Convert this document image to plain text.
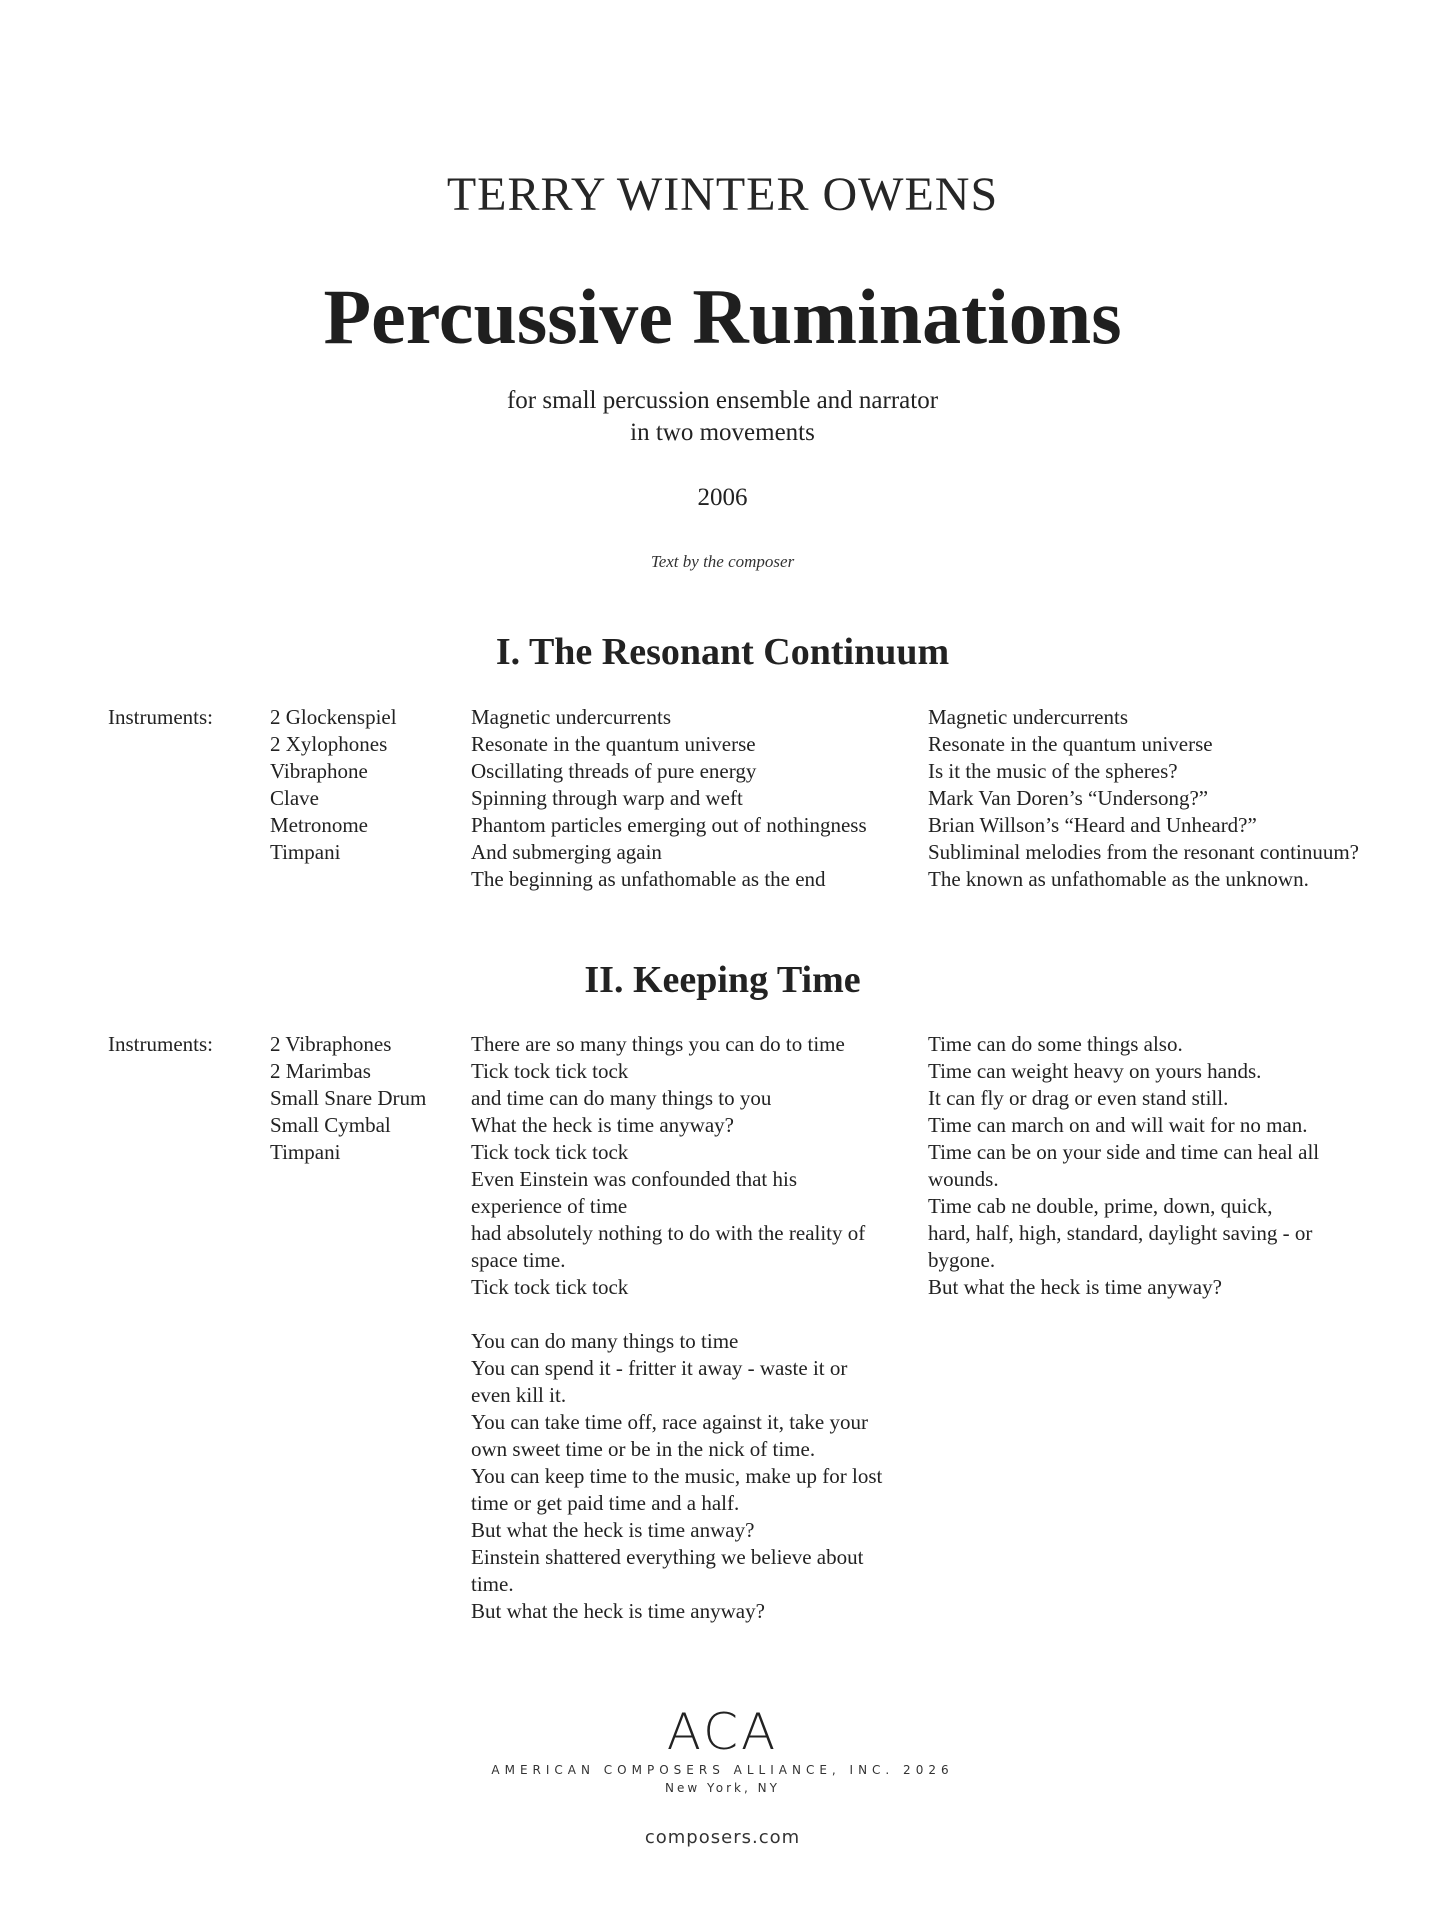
TERRY WINTER OWENS
Percussive Ruminations
for small percussion ensemble and narrator
in two movements
2006
Text by the composer
I. The Resonant Continuum
Instruments:	2 Glockenspiel
2 Xylophones
Vibraphone
Clave
Metronome
Timpani
Magnetic undercurrents
Resonate in the quantum universe
Oscillating threads of pure energy
Spinning through warp and weft
Phantom particles emerging out of nothingness
And submerging again
The beginning as unfathomable as the end
Magnetic undercurrents
Resonate in the quantum universe
Is it the music of the spheres?
Mark Van Doren’s “Undersong?”
Brian Willson’s “Heard and Unheard?”
Subliminal melodies from the resonant continuum?
The known as unfathomable as the unknown.
II. Keeping Time
Instruments:	2 Vibraphones
2 Marimbas
Small Snare Drum
Small Cymbal
Timpani
There are so many things you can do to time
Tick tock tick tock
and time can do many things to you
What the heck is time anyway?
Tick tock tick tock
Even Einstein was confounded that his
experience of time
had absolutely nothing to do with the reality of
space time.
Tick tock tick tock
You can do many things to time
You can spend it - fritter it away - waste it or
even kill it.
You can take time off, race against it, take your
own sweet time or be in the nick of time.
You can keep time to the music, make up for lost
time or get paid time and a half.
But what the heck is time anway?
Einstein shattered everything we believe about
time.
But what the heck is time anyway?
Time can do some things also.
Time can weight heavy on yours hands.
It can fly or drag or even stand still.
Time can march on and will wait for no man.
Time can be on your side and time can heal all
wounds.
Time cab ne double, prime, down, quick,
hard, half, high, standard, daylight saving - or
bygone.
But what the heck is time anyway?
ACA
AMERICAN COMPOSERS ALLIANCE, INC. 2026
New York, NY
composers.com
